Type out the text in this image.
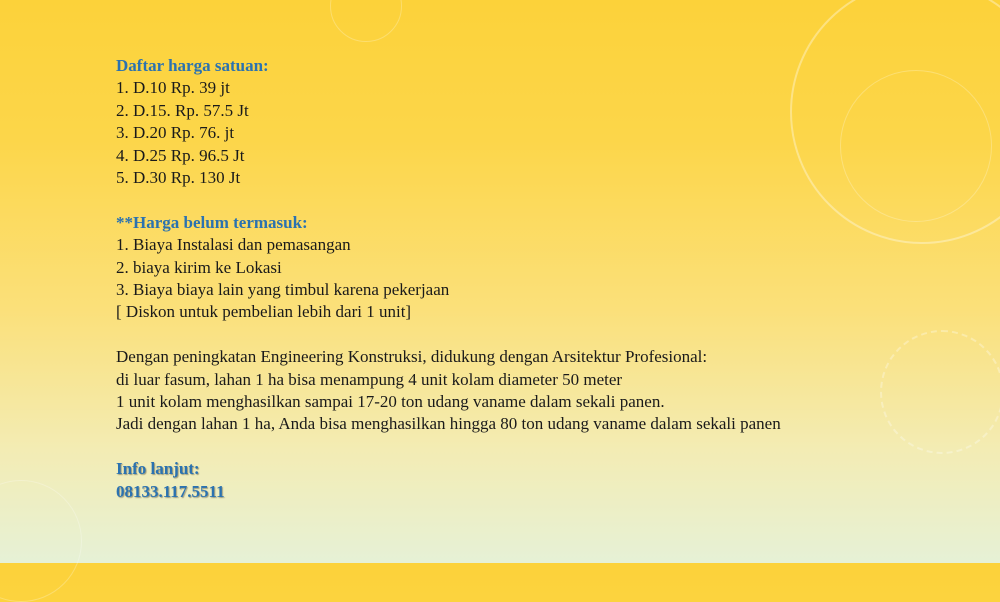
Daftar harga satuan:
1. D.10 Rp. 39 jt
2. D.15. Rp. 57.5 Jt
3. D.20 Rp. 76. jt
4. D.25 Rp. 96.5 Jt
5. D.30 Rp. 130 Jt
**Harga belum termasuk:
1. Biaya Instalasi dan pemasangan
2. biaya kirim ke Lokasi
3. Biaya biaya lain yang timbul karena pekerjaan
[ Diskon untuk pembelian lebih dari 1 unit]
Dengan peningkatan Engineering Konstruksi, didukung dengan Arsitektur Profesional:
di luar fasum, lahan 1 ha bisa menampung 4 unit kolam diameter 50 meter
1 unit kolam menghasilkan sampai 17-20 ton udang vaname dalam sekali panen.
Jadi dengan lahan 1 ha, Anda bisa menghasilkan hingga 80 ton udang vaname dalam sekali panen
Info lanjut:
08133.117.5511
